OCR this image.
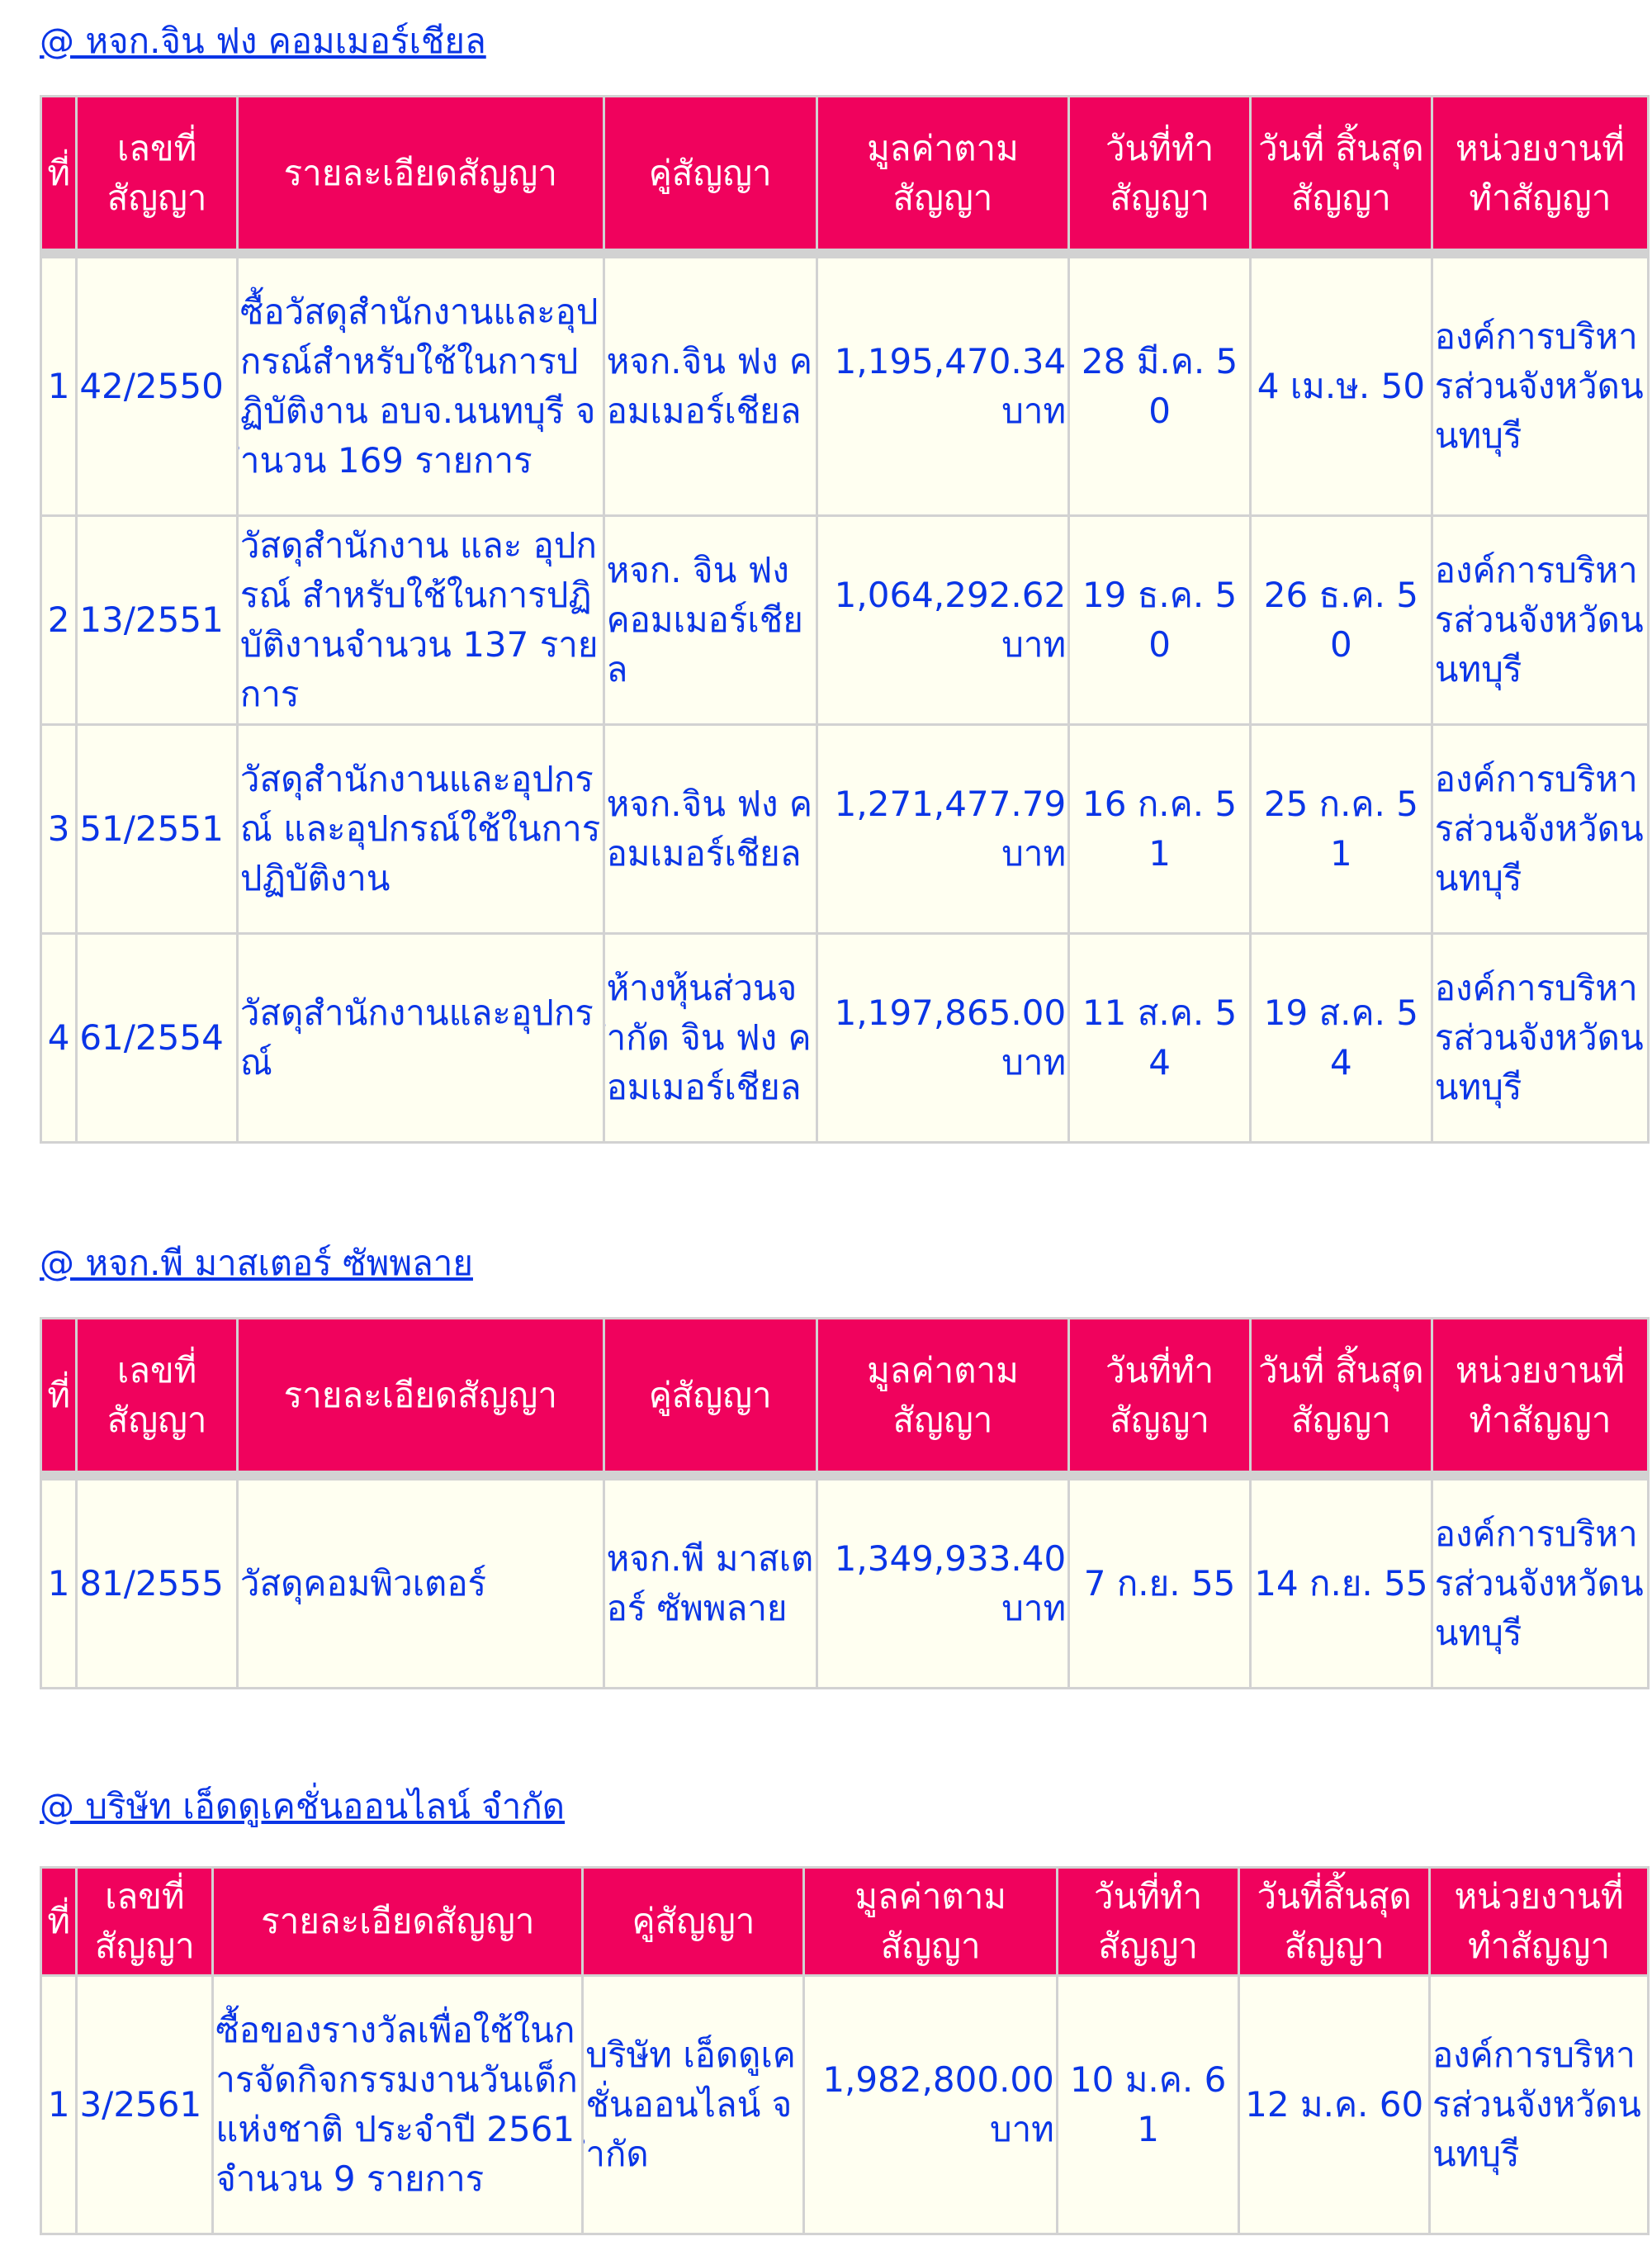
@ หจก.จิน ฟง คอมเมอร์เชียล
ที่	เลขที่ สัญญา	รายละเอียดสัญญา	คู่สัญญา	มูลค่าตาม สัญญา	วันที่ทำ สัญญา	วันที่ สิ้นสุด สัญญา	หน่วยงานที่ ทำสัญญา

1	42/2550	ซื้อวัสดุสำนักงานและอุปกรณ์สำหรับใช้ในการปฏิบัติงาน อบจ.นนทบุรี จำนวน 169 รายการ	หจก.จิน ฟง คอมเมอร์เชียล	1,195,470.34 บาท	28 มี.ค. 50	4 เม.ษ. 50	องค์การบริหารส่วนจังหวัดนนทบุรี
2	13/2551	วัสดุสำนักงาน และ อุปกรณ์ สำหรับใช้ในการปฏิบัติงานจำนวน 137 รายการ	หจก. จิน ฟง คอมเมอร์เชียล	1,064,292.62 บาท	19 ธ.ค. 50	26 ธ.ค. 50	องค์การบริหารส่วนจังหวัดนนทบุรี
3	51/2551	วัสดุสำนักงานและอุปกรณ์ และอุปกรณ์ใช้ในการปฏิบัติงาน	หจก.จิน ฟง คอมเมอร์เชียล	1,271,477.79 บาท	16 ก.ค. 51	25 ก.ค. 51	องค์การบริหารส่วนจังหวัดนนทบุรี
4	61/2554	วัสดุสำนักงานและอุปกรณ์	ห้างหุ้นส่วนจำกัด จิน ฟง คอมเมอร์เชียล	1,197,865.00 บาท	11 ส.ค. 54	19 ส.ค. 54	องค์การบริหารส่วนจังหวัดนนทบุรี
@ หจก.พี มาสเตอร์ ซัพพลาย
ที่	เลขที่ สัญญา	รายละเอียดสัญญา	คู่สัญญา	มูลค่าตาม สัญญา	วันที่ทำ สัญญา	วันที่ สิ้นสุด สัญญา	หน่วยงานที่ ทำสัญญา

1	81/2555	วัสดุคอมพิวเตอร์	หจก.พี มาสเตอร์ ซัพพลาย	1,349,933.40 บาท	7 ก.ย. 55	14 ก.ย. 55	องค์การบริหารส่วนจังหวัดนนทบุรี
@ บริษัท เอ็ดดูเคชั่นออนไลน์ จำกัด
ที่	เลขที่ สัญญา	รายละเอียดสัญญา	คู่สัญญา	มูลค่าตาม สัญญา	วันที่ทำ สัญญา	วันที่สิ้นสุด สัญญา	หน่วยงานที่ ทำสัญญา
1	3/2561	ซื้อของรางวัลเพื่อใช้ในการจัดกิจกรรมงานวันเด็กแห่งชาติ ประจำปี 2561 จำนวน 9 รายการ	บริษัท เอ็ดดูเคชั่นออนไลน์ จำกัด	1,982,800.00 บาท	10 ม.ค. 61	12 ม.ค. 60	องค์การบริหารส่วนจังหวัดนนทบุรี
